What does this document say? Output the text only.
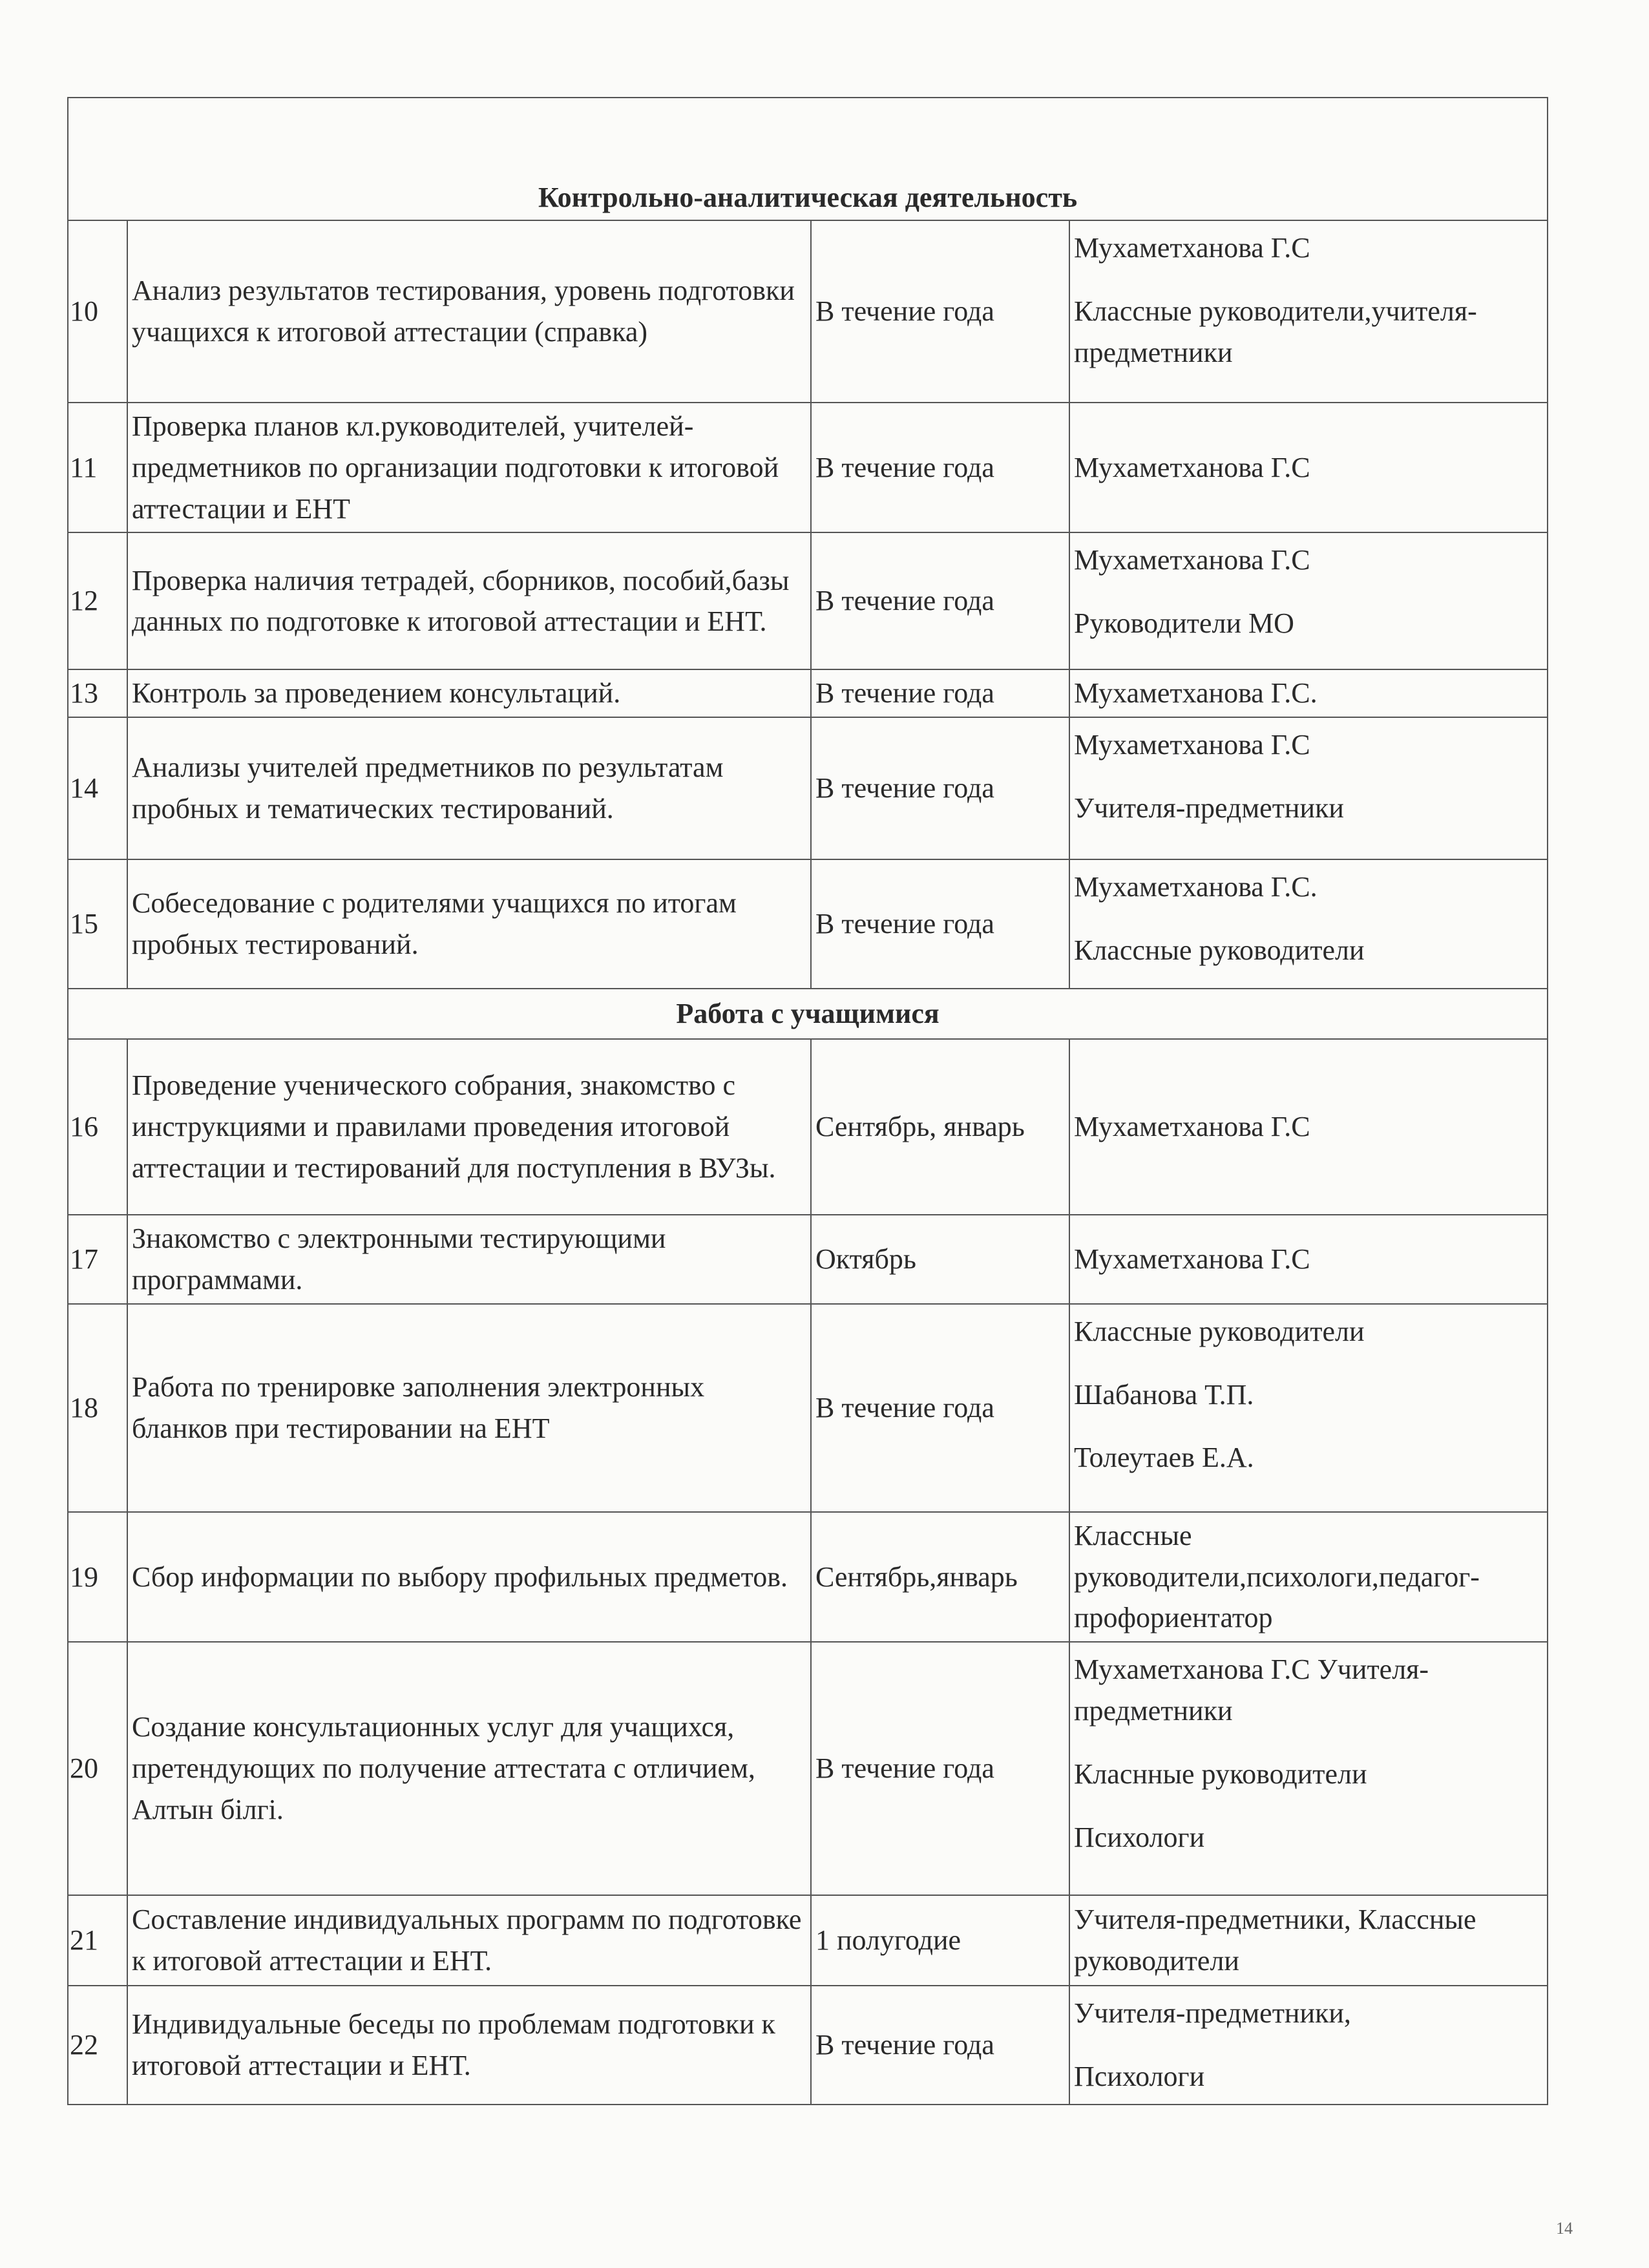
Контрольно-аналитическая деятельность			
10	Анализ результатов тестирования, уровень подготовки учащихся к итоговой аттестации (справка)	В течение года	Мухаметханова Г.С
Классные руководители,учителя-предметники

11	Проверка планов кл.руководителей, учителей-предметников по организации подготовки к итоговой аттестации и ЕНТ	В течение года	Мухаметханова Г.С

12	Проверка наличия тетрадей, сборников, пособий,базы данных по подготовке к итоговой аттестации и ЕНТ.	В течение года	Мухаметханова Г.С
Руководители МО

13	Контроль за проведением консультаций.	В течение года	Мухаметханова Г.С.

14	Анализы учителей предметников по результатам пробных и тематических тестирований.	В течение года	Мухаметханова Г.С
Учителя-предметники

15	Собеседование с родителями учащихся по итогам пробных тестирований.	В течение года	Мухаметханова Г.С.
Классные руководители

Работа с учащимися			
16	Проведение ученического собрания, знакомство с инструкциями и правилами проведения итоговой аттестации и тестирований для поступления в ВУЗы.	Сентябрь, январь	Мухаметханова Г.С

17	Знакомство с электронными тестирующими программами.	Октябрь	Мухаметханова Г.С

18	Работа по тренировке заполнения электронных бланков при тестировании на ЕНТ	В течение года	Классные руководители
Шабанова Т.П.
Толеутаев Е.А.

19	Сбор информации по выбору профильных предметов.	Сентябрь,январь	Классные руководители,психологи,педагог-профориентатор

20	Создание консультационных услуг для учащихся, претендующих по получение аттестата с отличием, Алтын білгі.	В течение года	Мухаметханова Г.С Учителя-предметники
Класнные руководители
Психологи

21	Составление индивидуальных программ по подготовке к итоговой аттестации и ЕНТ.	1 полугодие	Учителя-предметники, Классные руководители

22	Индивидуальные беседы по проблемам подготовки к итоговой аттестации и ЕНТ.	В течение года	Учителя-предметники,
Психологи
14
